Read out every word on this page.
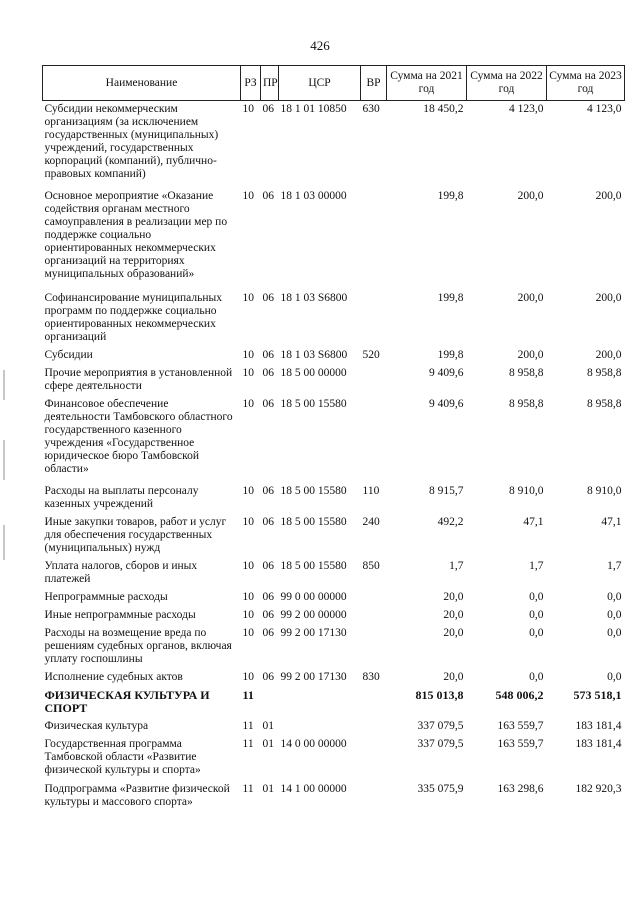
426
Наименование	РЗ	ПР	ЦСР	ВР	Сумма на 2021 год	Сумма на 2022 год	Сумма на 2023 год
Субсидии некоммерческим организациям (за исключением государственных (муниципальных) учреждений, государственных корпораций (компаний), публично-правовых компаний)	10	06	18 1 01 10850	630	18 450,2	4 123,0	4 123,0
Основное мероприятие «Оказание содействия органам местного самоуправления в реализации мер по поддержке социально ориентированных некоммерческих организаций на территориях муниципальных образований»	10	06	18 1 03 00000		199,8	200,0	200,0
Софинансирование муниципальных программ по поддержке социально ориентированных некоммерческих организаций	10	06	18 1 03 S6800		199,8	200,0	200,0
Субсидии	10	06	18 1 03 S6800	520	199,8	200,0	200,0
Прочие мероприятия в установленной сфере деятельности	10	06	18 5 00 00000		9 409,6	8 958,8	8 958,8
Финансовое обеспечение деятельности Тамбовского областного государственного казенного учреждения «Государственное юридическое бюро Тамбовской области»	10	06	18 5 00 15580		9 409,6	8 958,8	8 958,8
Расходы на выплаты персоналу казенных учреждений	10	06	18 5 00 15580	110	8 915,7	8 910,0	8 910,0
Иные закупки товаров, работ и услуг для обеспечения государственных (муниципальных) нужд	10	06	18 5 00 15580	240	492,2	47,1	47,1
Уплата налогов, сборов и иных платежей	10	06	18 5 00 15580	850	1,7	1,7	1,7
Непрограммные расходы	10	06	99 0 00 00000		20,0	0,0	0,0
Иные непрограммные расходы	10	06	99 2 00 00000		20,0	0,0	0,0
Расходы на возмещение вреда по решениям судебных органов, включая уплату госпошлины	10	06	99 2 00 17130		20,0	0,0	0,0
Исполнение судебных актов	10	06	99 2 00 17130	830	20,0	0,0	0,0
ФИЗИЧЕСКАЯ КУЛЬТУРА И СПОРТ	11				815 013,8	548 006,2	573 518,1
Физическая культура	11	01			337 079,5	163 559,7	183 181,4
Государственная программа Тамбовской области «Развитие физической культуры и спорта»	11	01	14 0 00 00000		337 079,5	163 559,7	183 181,4
Подпрограмма «Развитие физической культуры и массового спорта»	11	01	14 1 00 00000		335 075,9	163 298,6	182 920,3
